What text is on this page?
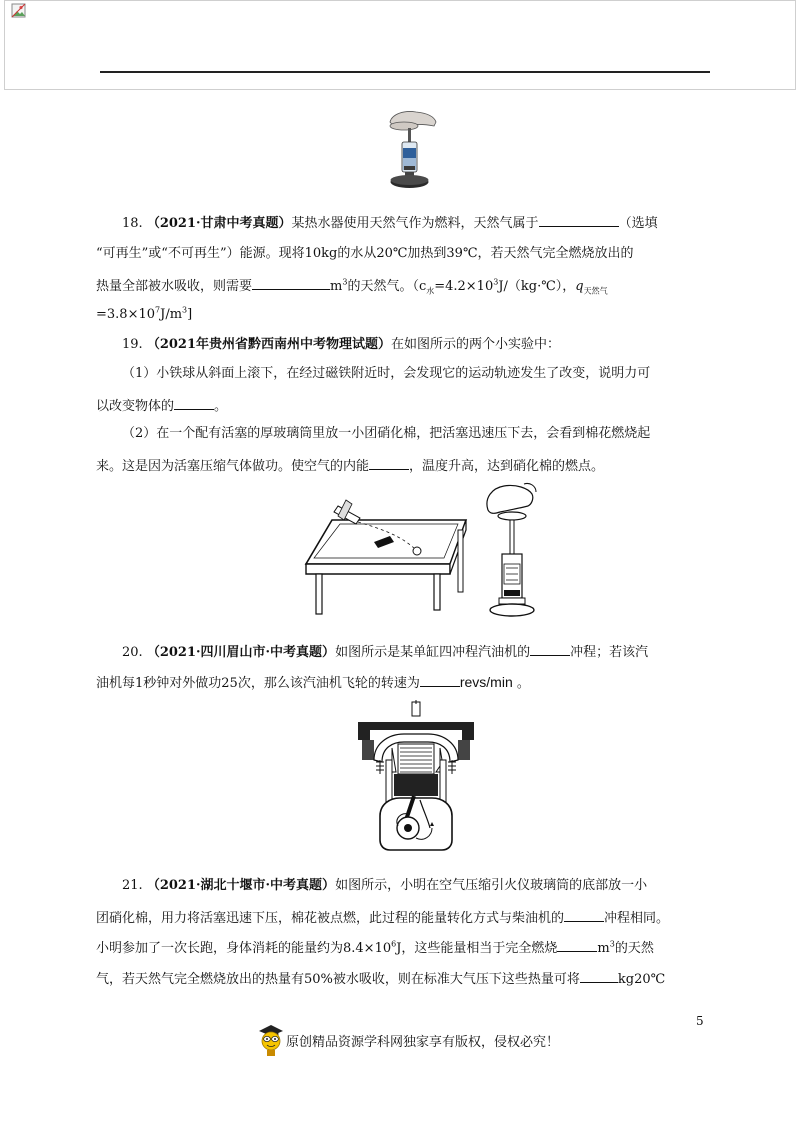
18. （2021·甘肃中考真题）某热水器使用天然气作为燃料，天然气属于	（选填
“可再生”或“不可再生”）能源。现将10kg的水从20℃加热到39℃，若天然气完全燃烧放出的
热量全部被水吸收，则需要	$m^3$的天然气。（$c_水=4.2\times 10^3J/(kg\cdot℃)$，$q_{天然气}$
$=3.8\times 10^7J/m^3$]
19. （2021年贵州省黔西南州中考物理试题）在如图所示的两个小实验中：
（1）小铁球从斜面上滚下，在经过磁铁附近时，会发现它的运动轨迹发生了改变，说明力可
以改变物体的	。
（2）在一个配有活塞的厚玻璃筒里放一小团硝化棉，把活塞迅速压下去，会看到棉花燃烧起
来。这是因为活塞压缩气体做功。使空气的内能	，温度升高，达到硝化棉的燃点。
20. （2021·四川眉山市·中考真题）如图所示是某单缸四冲程汽油机的	冲程；若该汽
油机每1秒钟对外做功25次，那么该汽油机飞轮的转速为	revs/min 。
21. （2021·湖北十堰市·中考真题）如图所示，小明在空气压缩引火仪玻璃筒的底部放一小
团硝化棉，用力将活塞迅速下压，棉花被点燃，此过程的能量转化方式与柴油机的	冲程相同。
小明参加了一次长跑，身体消耗的能量约为$8.4\times 10^6J$，这些能量相当于完全燃烧	$m^3$的天然
气，若天然气完全燃烧放出的热量有50%被水吸收，则在标准大气压下这些热量可将	kg20℃
5
原创精品资源学科网独家享有版权，侵权必究！
